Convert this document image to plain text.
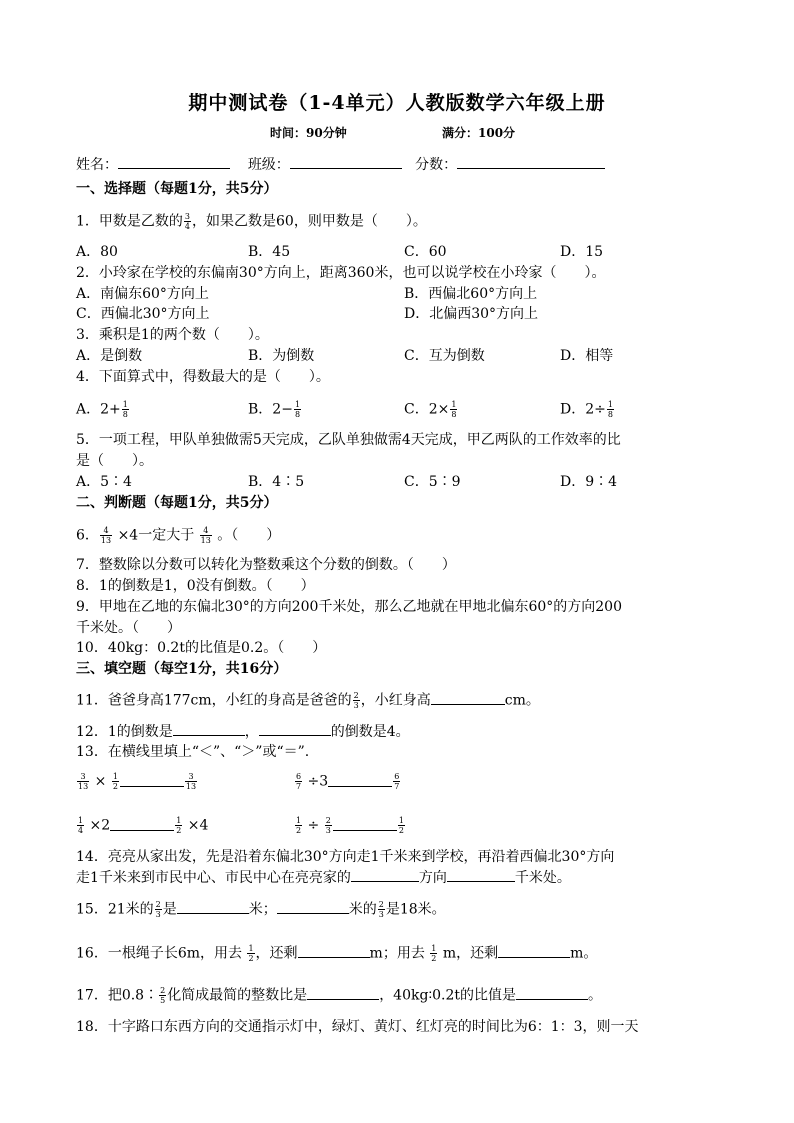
期中测试卷（1-4单元）人教版数学六年级上册
时间：90分钟	满分：100分
姓名：	班级：	分数：
一、选择题（每题1分，共5分）
1．甲数是乙数的 $\frac{3}{4}$ ，如果乙数是60，则甲数是（　　）。
A．80	B．45	C．60	D．15
2．小玲家在学校的东偏南30°方向上，距离360米，也可以说学校在小玲家（　　）。
A．南偏东60°方向上	B．西偏北60°方向上
C．西偏北30°方向上	D．北偏西30°方向上
3．乘积是1的两个数（　　）。
A．是倒数	B．为倒数	C．互为倒数	D．相等
4．下面算式中，得数最大的是（　　）。
A．$2+ \frac{1}{8}$	B．$2- \frac{1}{8}$	C．$2\times \frac{1}{8}$	D．$2\div \frac{1}{8}$
5．一项工程，甲队单独做需5天完成，乙队单独做需4天完成，甲乙两队的工作效率的比
是（　　）。
A．5∶4	B．4∶5	C．5∶9	D．9∶4
二、判断题（每题1分，共5分）
6． $\frac{4}{13} \times 4$一定大于 $\frac{4}{13}$ 。（　　）
7．整数除以分数可以转化为整数乘这个分数的倒数。（　　）
8．1的倒数是1，0没有倒数。（　　）
9．甲地在乙地的东偏北30°的方向200千米处，那么乙地就在甲地北偏东60°的方向200
千米处。（　　）
10．40kg：0.2t的比值是0.2。（　　）
三、填空题（每空1分，共16分）
11．爸爸身高177cm，小红的身高是爸爸的 $\frac{2}{3}$ ，小红身高	cm。
12．1的倒数是	，	的倒数是4。
13．在横线里填上“＜”、“＞”或“＝”.
$\frac{3}{13} \times \frac{1}{2}$	$\frac{3}{13}$	$\frac{6}{7} \div 3$	$\frac{6}{7}$
$\frac{1}{4} \times 2$	$\frac{1}{2} \times 4$	$\frac{1}{2} \div \frac{2}{3}$	$\frac{1}{2}$
14．亮亮从家出发，先是沿着东偏北30°方向走1千米来到学校，再沿着西偏北30°方向
走1千米来到市民中心、市民中心在亮亮家的	方向	千米处。
15．21米的 $\frac{2}{3}$ 是	米；	米的 $\frac{2}{3}$ 是18米。
16．一根绳子长6m，用去 $\frac{1}{2}$ ，还剩	m；用去 $\frac{1}{2}$ m，还剩	m。
17．把0.8∶ $\frac{2}{5}$ 化简成最简的整数比是	，40kg∶0.2t的比值是	。
18．十字路口东西方向的交通指示灯中，绿灯、黄灯、红灯亮的时间比为6：1：3，则一天
